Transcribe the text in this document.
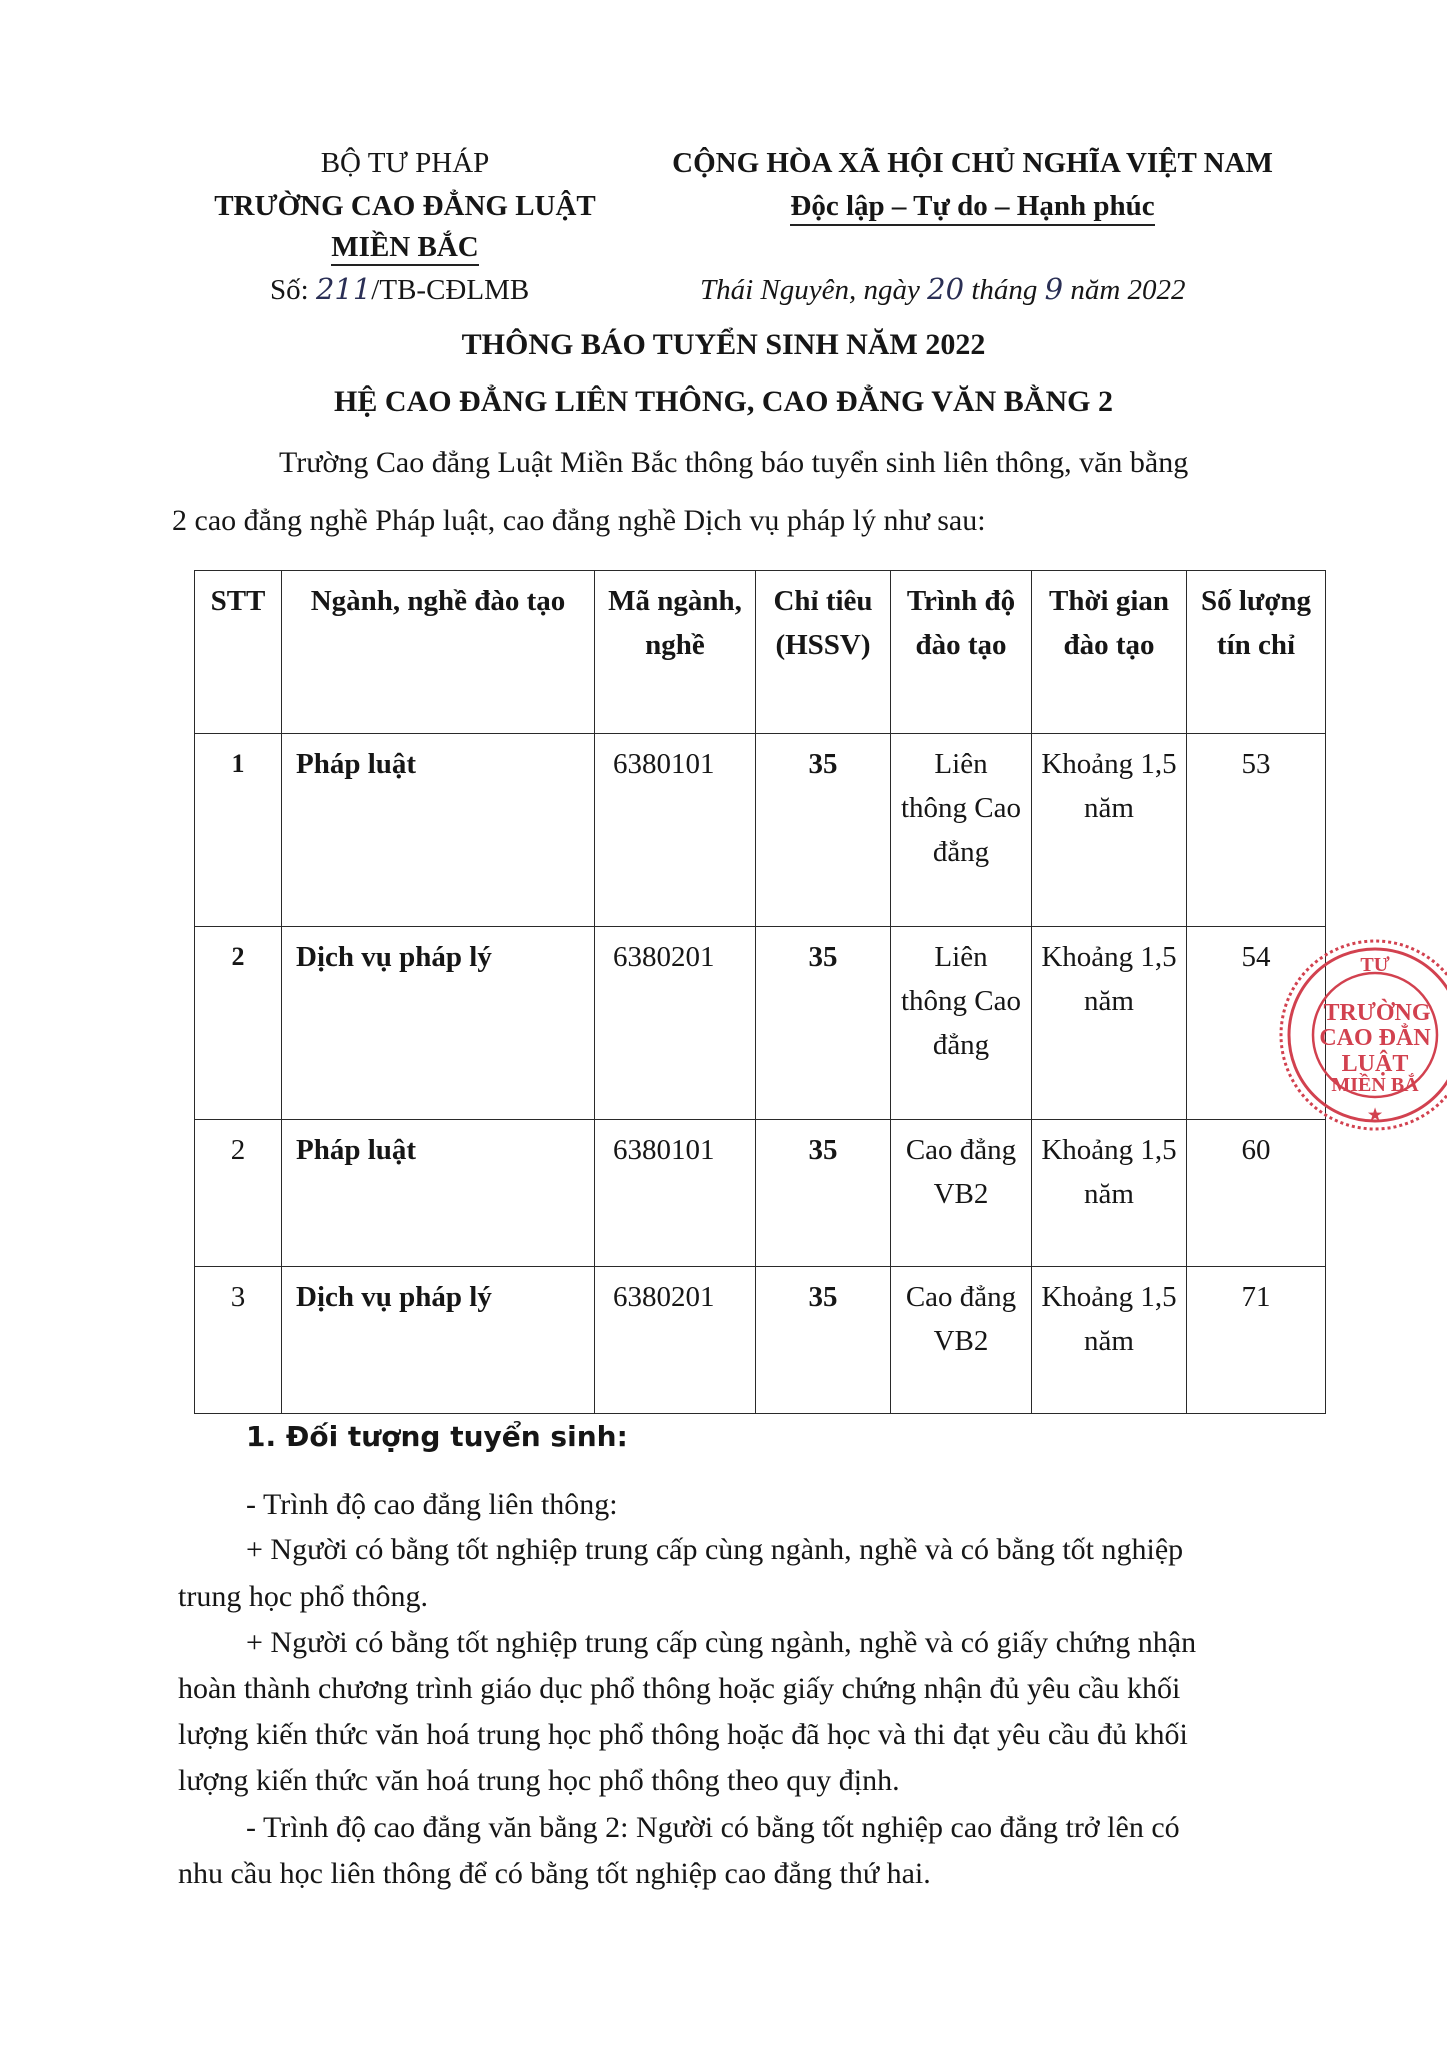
BỘ TƯ PHÁP
TRƯỜNG CAO ĐẲNG LUẬT
MIỀN BẮC
Số: 211/TB-CĐLMB
CỘNG HÒA XÃ HỘI CHỦ NGHĨA VIỆT NAM
Độc lập – Tự do – Hạnh phúc
Thái Nguyên, ngày 20 tháng 9 năm 2022
THÔNG BÁO TUYỂN SINH NĂM 2022
HỆ CAO ĐẲNG LIÊN THÔNG, CAO ĐẲNG VĂN BẰNG 2
Trường Cao đẳng Luật Miền Bắc thông báo tuyển sinh liên thông, văn bằng
2 cao đẳng nghề Pháp luật, cao đẳng nghề Dịch vụ pháp lý như sau:
STT	Ngành, nghề đào tạo	Mã ngành, nghề	Chỉ tiêu (HSSV)	Trình độ đào tạo	Thời gian đào tạo	Số lượng tín chỉ
1	Pháp luật	6380101	35	Liên thông Cao đẳng	Khoảng 1,5 năm	53
2	Dịch vụ pháp lý	6380201	35	Liên thông Cao đẳng	Khoảng 1,5 năm	54
2	Pháp luật	6380101	35	Cao đẳng VB2	Khoảng 1,5 năm	60
3	Dịch vụ pháp lý	6380201	35	Cao đẳng VB2	Khoảng 1,5 năm	71
1. Đối tượng tuyển sinh:
- Trình độ cao đẳng liên thông:
+ Người có bằng tốt nghiệp trung cấp cùng ngành, nghề và có bằng tốt nghiệp
trung học phổ thông.
+ Người có bằng tốt nghiệp trung cấp cùng ngành, nghề và có giấy chứng nhận
hoàn thành chương trình giáo dục phổ thông hoặc giấy chứng nhận đủ yêu cầu khối
lượng kiến thức văn hoá trung học phổ thông hoặc đã học và thi đạt yêu cầu đủ khối
lượng kiến thức văn hoá trung học phổ thông theo quy định.
- Trình độ cao đẳng văn bằng 2: Người có bằng tốt nghiệp cao đẳng trở lên có
nhu cầu học liên thông để có bằng tốt nghiệp cao đẳng thứ hai.
TƯ
TRƯỜNG
CAO ĐẲN
LUẬT
MIỀN BẮ
★
